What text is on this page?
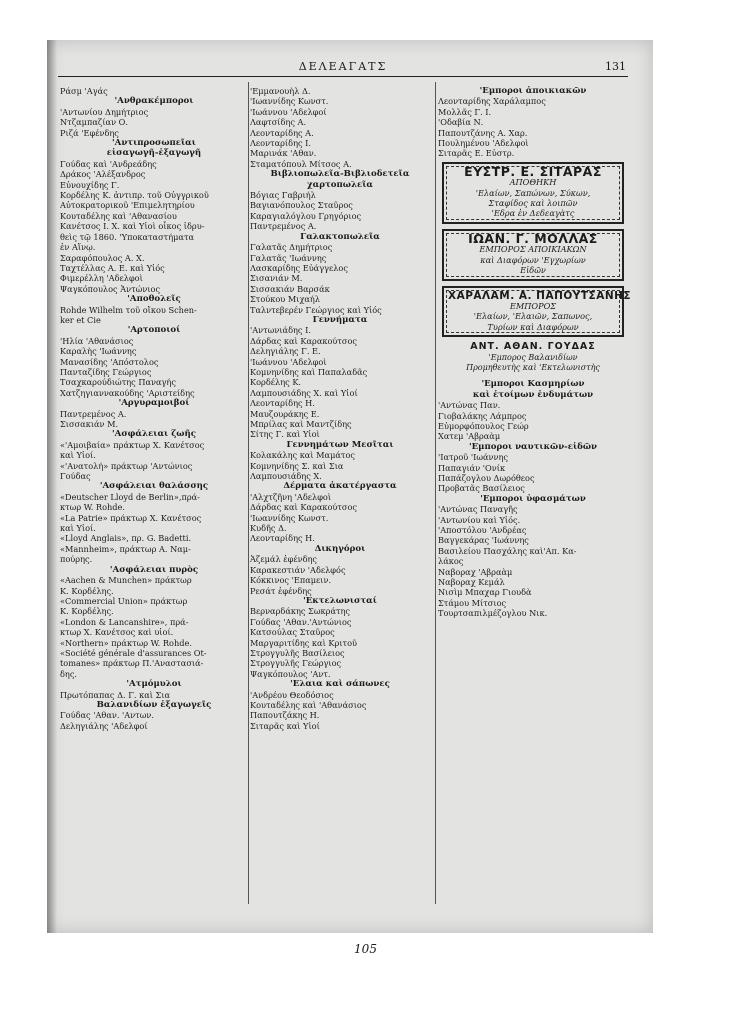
ΔΕΛΕΑΓΑΤΣ	131
Ράσμ 'Αγάς
'Ανθρακέμποροι
'Αντωνίου Δημήτριος
Ντζαμπαζίαν Ο.
Ριζά 'Εφένδης
'Αντιπροσωπεῖαι
εἰσαγωγῆ-ἐξαγωγῆ
Γούδας καὶ 'Ανδρεάδης
Δράκος 'Αλέξανδρος
Εὐνουχίδης Γ.
Κορδέλης Κ. ἀντιπρ. τοῦ Οὐγγρικοῦ
Αὐτοκρατορικοῦ 'Επιμελητηρίου
Κουταδέλης καὶ 'Αθανασίου
Κανέτσος Ι. Χ. καὶ Υἱοὶ οἶκος ἱδρυ-
θεὶς τῷ 1860. 'Υποκαταστήματα
ἐν Αἴνῳ.
Σαραφόπουλος Α. Χ.
Ταχτέλλας Α. Ε. καὶ Υἱός
Φιμερέλλη 'Αδελφοὶ
Ψαγκόπουλος Ἀντώνιος
'Αποθολεῖς
Rohde Wilhelm τοῦ οἴκου Schen-
ker et Cie
'Αρτοποιοί
'Ηλία 'Αθανάσιος
Καραλὴς 'Ιωάννης
Μανασίδης 'Απόστολος
Πανταζίδης Γεώργιος
Τσαχκαρούδιώτης Παναγής
Χατζηγιαννακούδης 'Αριστείδης
'Αργυραμοιβοί
Παντρεμένος Α.
Σισσακιάν Μ.
'Ασφάλειαι ζωῆς
«'Αμοιβαία» πράκτωρ Χ. Κανέτσος
καὶ Υἱοί.
«'Ανατολή» πράκτωρ 'Αντώνιος
Γούδας
'Ασφάλειαι θαλάσσης
«Deutscher Lloyd de Berlin»,πρά-
κτωρ W. Rohde.
«La Patrie» πράκτωρ Χ. Κανέτσος
καὶ Υἱοί.
«Lloyd Anglais», πρ. G. Badetti.
«Mannheim», πράκτωρ Α. Ναμ-
πούρης.
'Ασφάλειαι πυρὸς
«Aachen & Munchen» πράκτωρ
Κ. Κορδέλης.
«Commercial Union» πράκτωρ
Κ. Κορδέλης.
«London & Lancanshire», πρά-
κτωρ Χ. Κανέτσος καὶ υἱοί.
«Northern» πράκτωρ W. Rohde.
«Société générale d'assurances Ot-
tomanes» πράκτωρ Π.'Αναστασιά-
δης.
'Ατμόμυλοι
Πρωτόπαπας Δ. Γ. καὶ Σια
Βαλανιδίων ἐξαγωγεῖς
Γούδας 'Αθαν. 'Αντων.
Δεληγιάλης 'Αδελφοί
'Εμμανουὴλ Δ.
'Ιωαννίδης Κωνστ.
'Ιωάννου 'Αδελφοί
Λαφτσίδης Α.
Λεονταρίδης Α.
Λεονταρίδης Ι.
Μαρινάκ 'Αθαν.
Σταματόπουλ Μίτσος Α.
Βιβλιοπωλεῖα-Βιβλιοδετεῖα
χαρτοπωλεῖα
Βόγιας Γαβριήλ
Βαγιανόπουλος Σταῦρος
Καραγιαλόγλου Γρηγόριος
Παντρεμένος Α.
Γαλακτοπωλεῖα
Γαλατᾶς Δημήτριος
Γαλατᾶς 'Ιωάννης
Λασκαρίδης Εὐάγγελος
Σισανιάν Μ.
Σισσακιάν Βαρσάκ
Στούκου Μιχαήλ
Ταλντεβερέν Γεώργιος καὶ Υἱός
Γεννήματα
'Αντωνιάδης Ι.
Δάρδας καὶ Καρακούτσος
Δεληγιάλης Γ. Ε.
'Ιωάννου 'Αδελφοὶ
Κομνηνίδης καὶ Παπαλαδᾶς
Κορδέλης Κ.
Λαμπουσιάδης Χ. καὶ Υἱοί
Λεονταρίδης Η.
Μαυζουράκης Ε.
Μπρίλας καὶ Μαντζίδης
Σίτης Γ. καὶ Υἱοὶ
Γεννημάτων Μεσῖται
Κολακάλης καὶ Μαμάτος
Κομνηνίδης Σ. καὶ Σια
Λαμπουσιάδης Χ.
Δέρματα ἀκατέργαστα
'Αλχτζῆνη 'Αδελφοὶ
Δάρδας καὶ Καρακούτσος
'Ιωαννίδης Κωνστ.
Κυδῆς Δ.
Λεονταρίδης Η.
Δικηγόροι
Ἀζεμάλ ἐφένδης
Καρακεστιάν 'Αδελφός
Κόκκινος 'Επαμειν.
Ρεσάτ ἐφένδης
'Εκτελωνισταί
Βερναρδάκης Σωκράτης
Γούδας 'Αθαν.'Αντώνιος
Κατσούλας Σταῦρος
Μαργαριτίδης καὶ Κριτοῦ
Στρογγυλῆς Βασίλειος
Στρογγυλῆς Γεώργιος
Ψαγκόπουλος 'Αντ.
'Ελαια καὶ σάπωνες
'Ανδρέου Θεοδόσιος
Κουταδέλης καὶ 'Αθανάσιος
Παπουτζάκης Η.
Σιταρᾶς καὶ Υἱοί
'Εμποροι ἀποικιακῶν
Λεονταρίδης Χαράλαμπος
Μολλᾶς Γ. Ι.
'Οδαβία Ν.
Παπουτζάνης Α. Χαρ.
Πουλημένου 'Αδελφοὶ
Σιταρᾶς Ε. Εὐστρ.
ΕΥΣΤΡ. Ε. ΣΙΤΑΡΑΣ
ΑΠΟΘΗΚΗ
'Ελαίων, Σαπώνων, Σύκων,
Σταφίδος καὶ λοιπῶν
'Εδρα ἐν Δεδεαγὰτς
ΙΩΑΝ. Γ. ΜΟΛΛΑΣ
ΕΜΠΟΡΟΣ ΑΠΟΙΚΙΑΚΩΝ
καὶ Διαφόρων 'Εγχωρίων
Εἰδῶν
ΧΑΡΑΛΑΜ. Α. ΠΑΠΟΥΤΣΑΝΗΣ
ΕΜΠΟΡΟΣ
'Ελαίων, 'Ελαιῶν, Σαπωνος,
Τυρίων καὶ Διαφόρων
ΑΝΤ. ΑΘΑΝ. ΓΟΥΔΑΣ
'Εμπορος Βαλανιδίων
Προμηθευτὴς καὶ 'Εκτελωνιστὴς
'Εμποροι Κασμηρίων
καὶ ἑτοίμων ἐνδυμάτων
'Αντώνας Παν.
Γιοβαλάκης Λάμπρος
Εὐμορφόπουλος Γεώρ
Χατεμ 'Αβραὰμ
'Εμποροι ναυτικῶν-εἰδῶν
'Ιατροῦ 'Ιωάννης
Παπαγιάν 'Ονίκ
Παπάζογλου Δωρόθεος
Προβατᾶς Βασίλειος
'Εμποροι ὑφασμάτων
'Αντώνας Παναγῆς
'Αντωνίου καὶ Υἱός.
'Αποστόλου 'Ανδρέας
Βαγγεκάρας 'Ιωάννης
Βασιλείου Πασχάλης καὶ'Απ. Κα-
λάκος
Ναβοραχ 'Αβραὰμ
Ναβοραχ Κεμάλ
Νισὶμ Μπαχαρ Γιουδὰ
Στάμου Μίτσιος
Τουρτσαπιλμέζογλου Νικ.
105
